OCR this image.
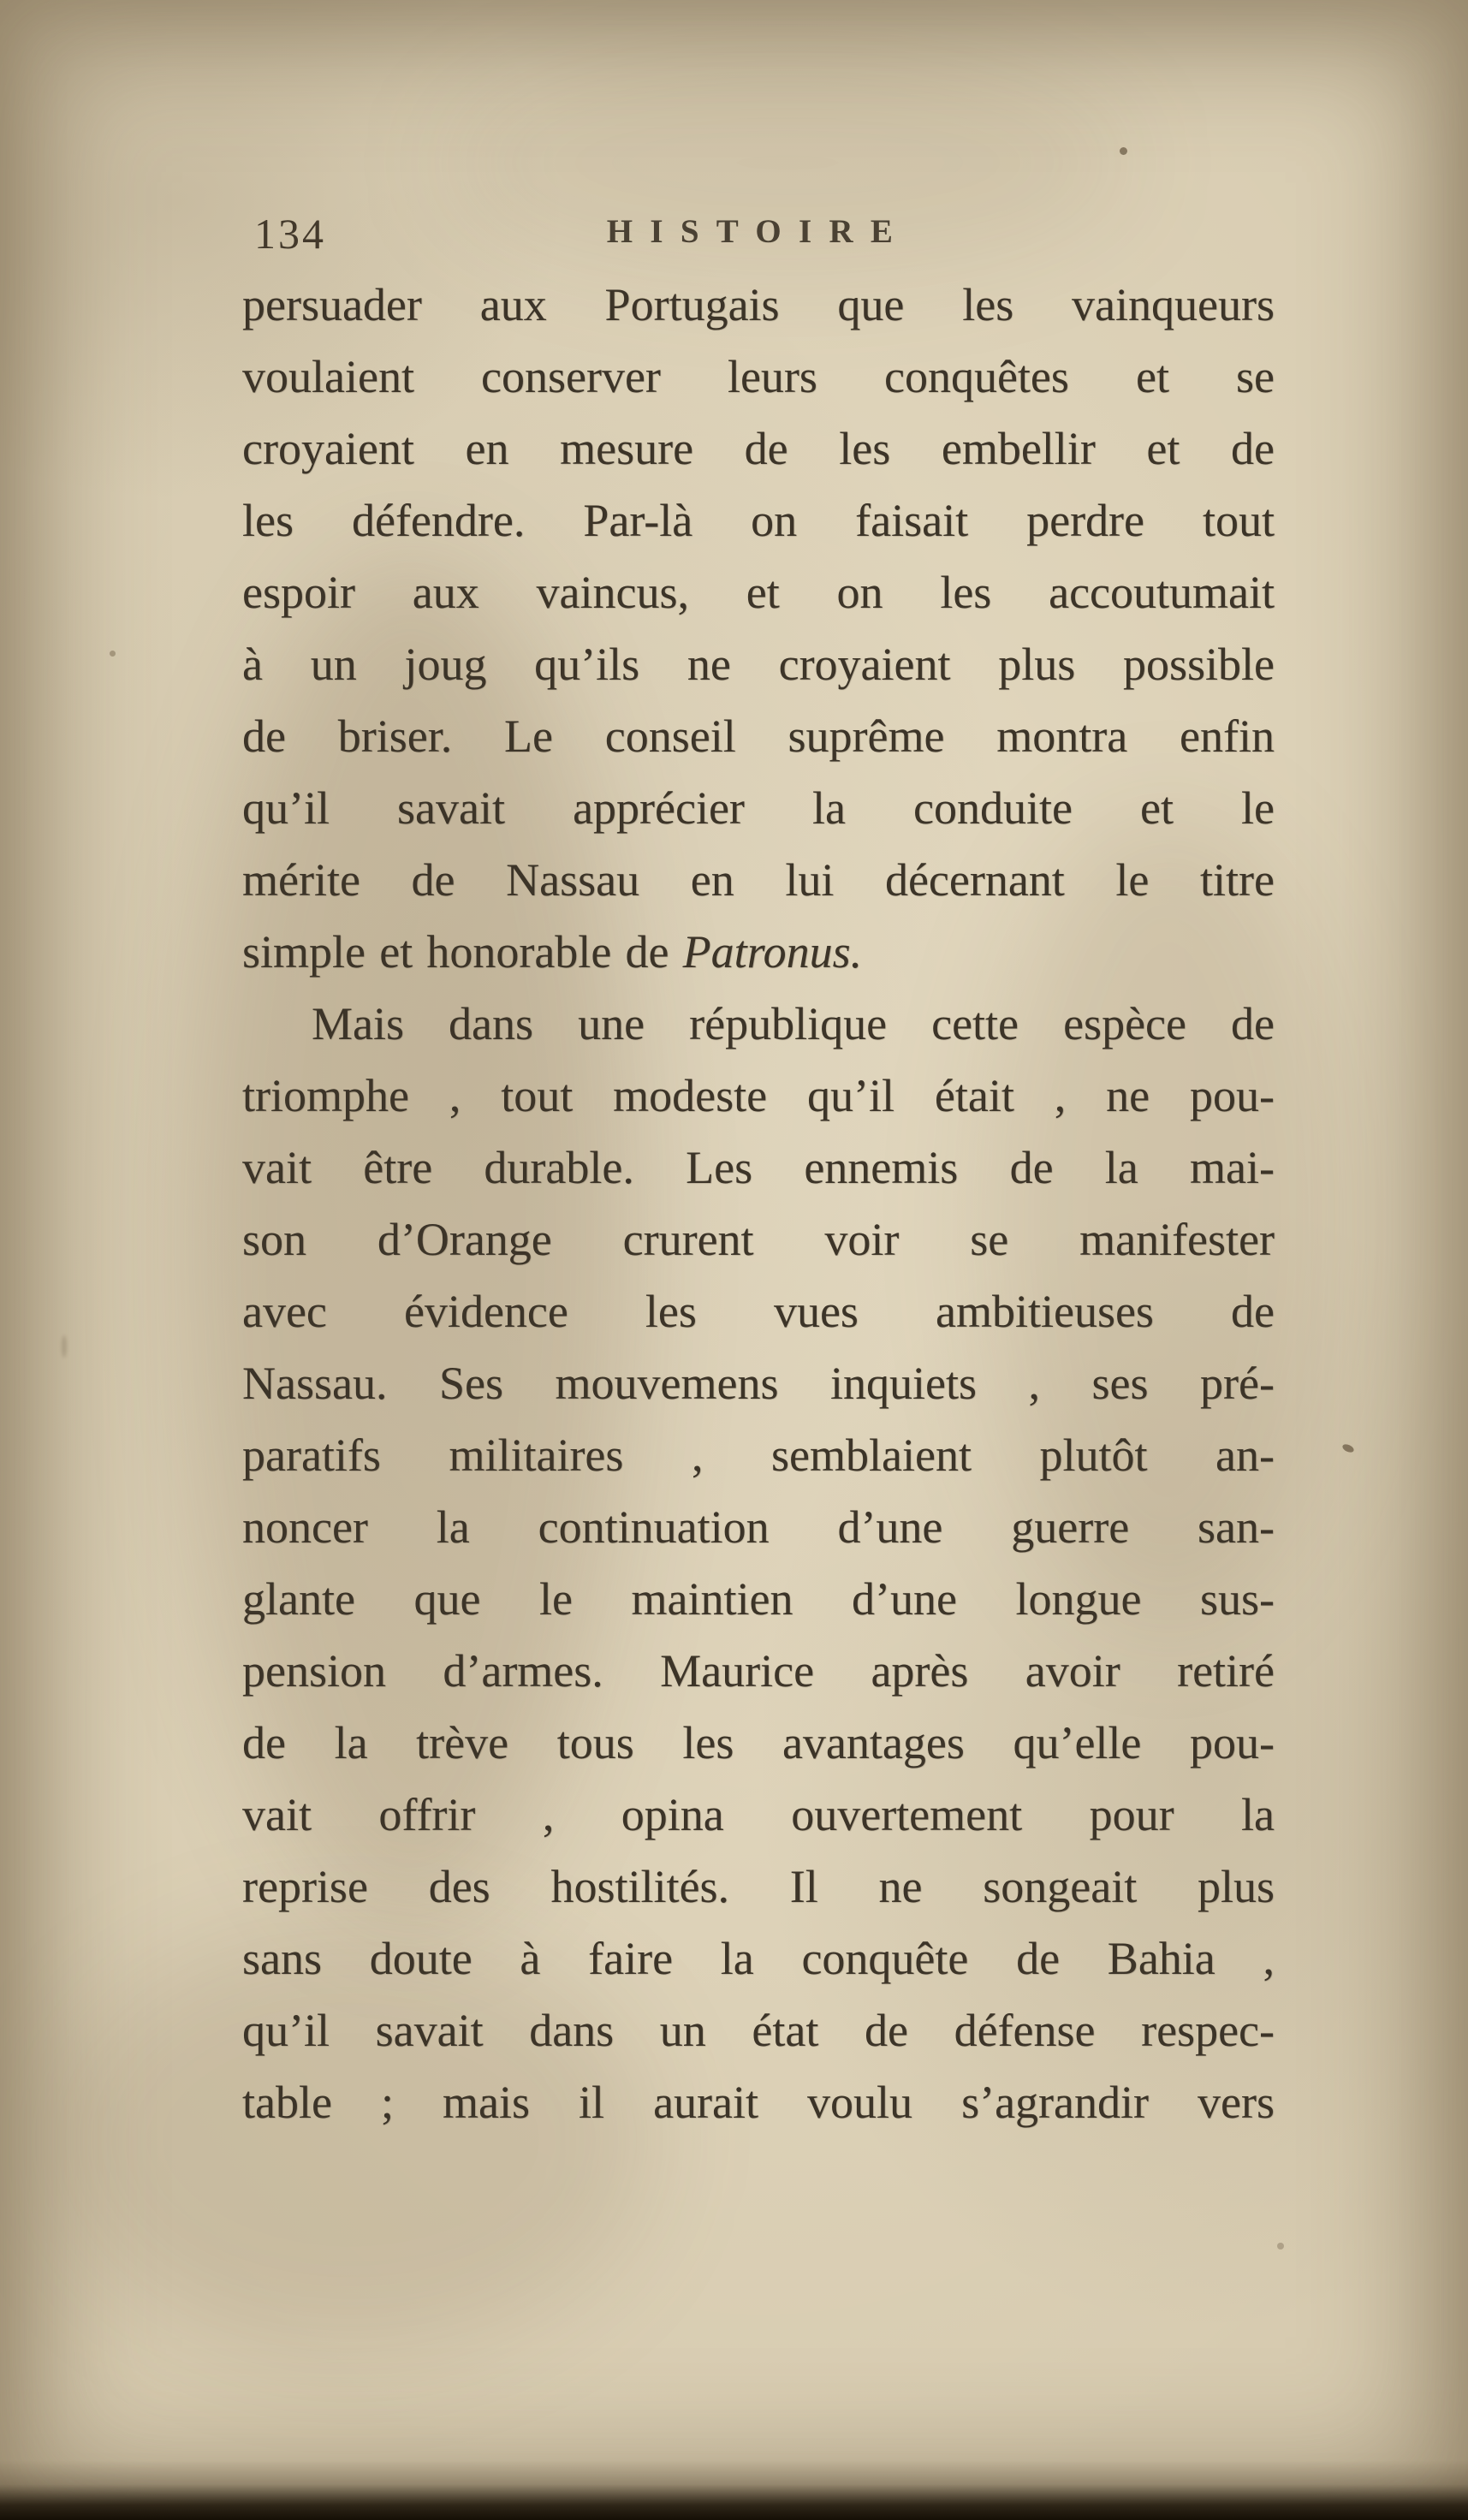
134	HISTOIRE
persuader aux Portugais que les vainqueurs
voulaient conserver leurs conquêtes et se
croyaient en mesure de les embellir et de
les défendre. Par-là on faisait perdre tout
espoir aux vaincus, et on les accoutumait
à un joug qu’ils ne croyaient plus possible
de briser. Le conseil suprême montra enfin
qu’il savait apprécier la conduite et le
mérite de Nassau en lui décernant le titre
simple et honorable de Patronus.
Mais dans une république cette espèce de
triomphe , tout modeste qu’il était , ne pou-
vait être durable. Les ennemis de la mai-
son d’Orange crurent voir se manifester
avec évidence les vues ambitieuses de
Nassau. Ses mouvemens inquiets , ses pré-
paratifs militaires , semblaient plutôt an-
noncer la continuation d’une guerre san-
glante que le maintien d’une longue sus-
pension d’armes. Maurice après avoir retiré
de la trève tous les avantages qu’elle pou-
vait offrir , opina ouvertement pour la
reprise des hostilités. Il ne songeait plus
sans doute à faire la conquête de Bahia ,
qu’il savait dans un état de défense respec-
table ; mais il aurait voulu s’agrandir vers
